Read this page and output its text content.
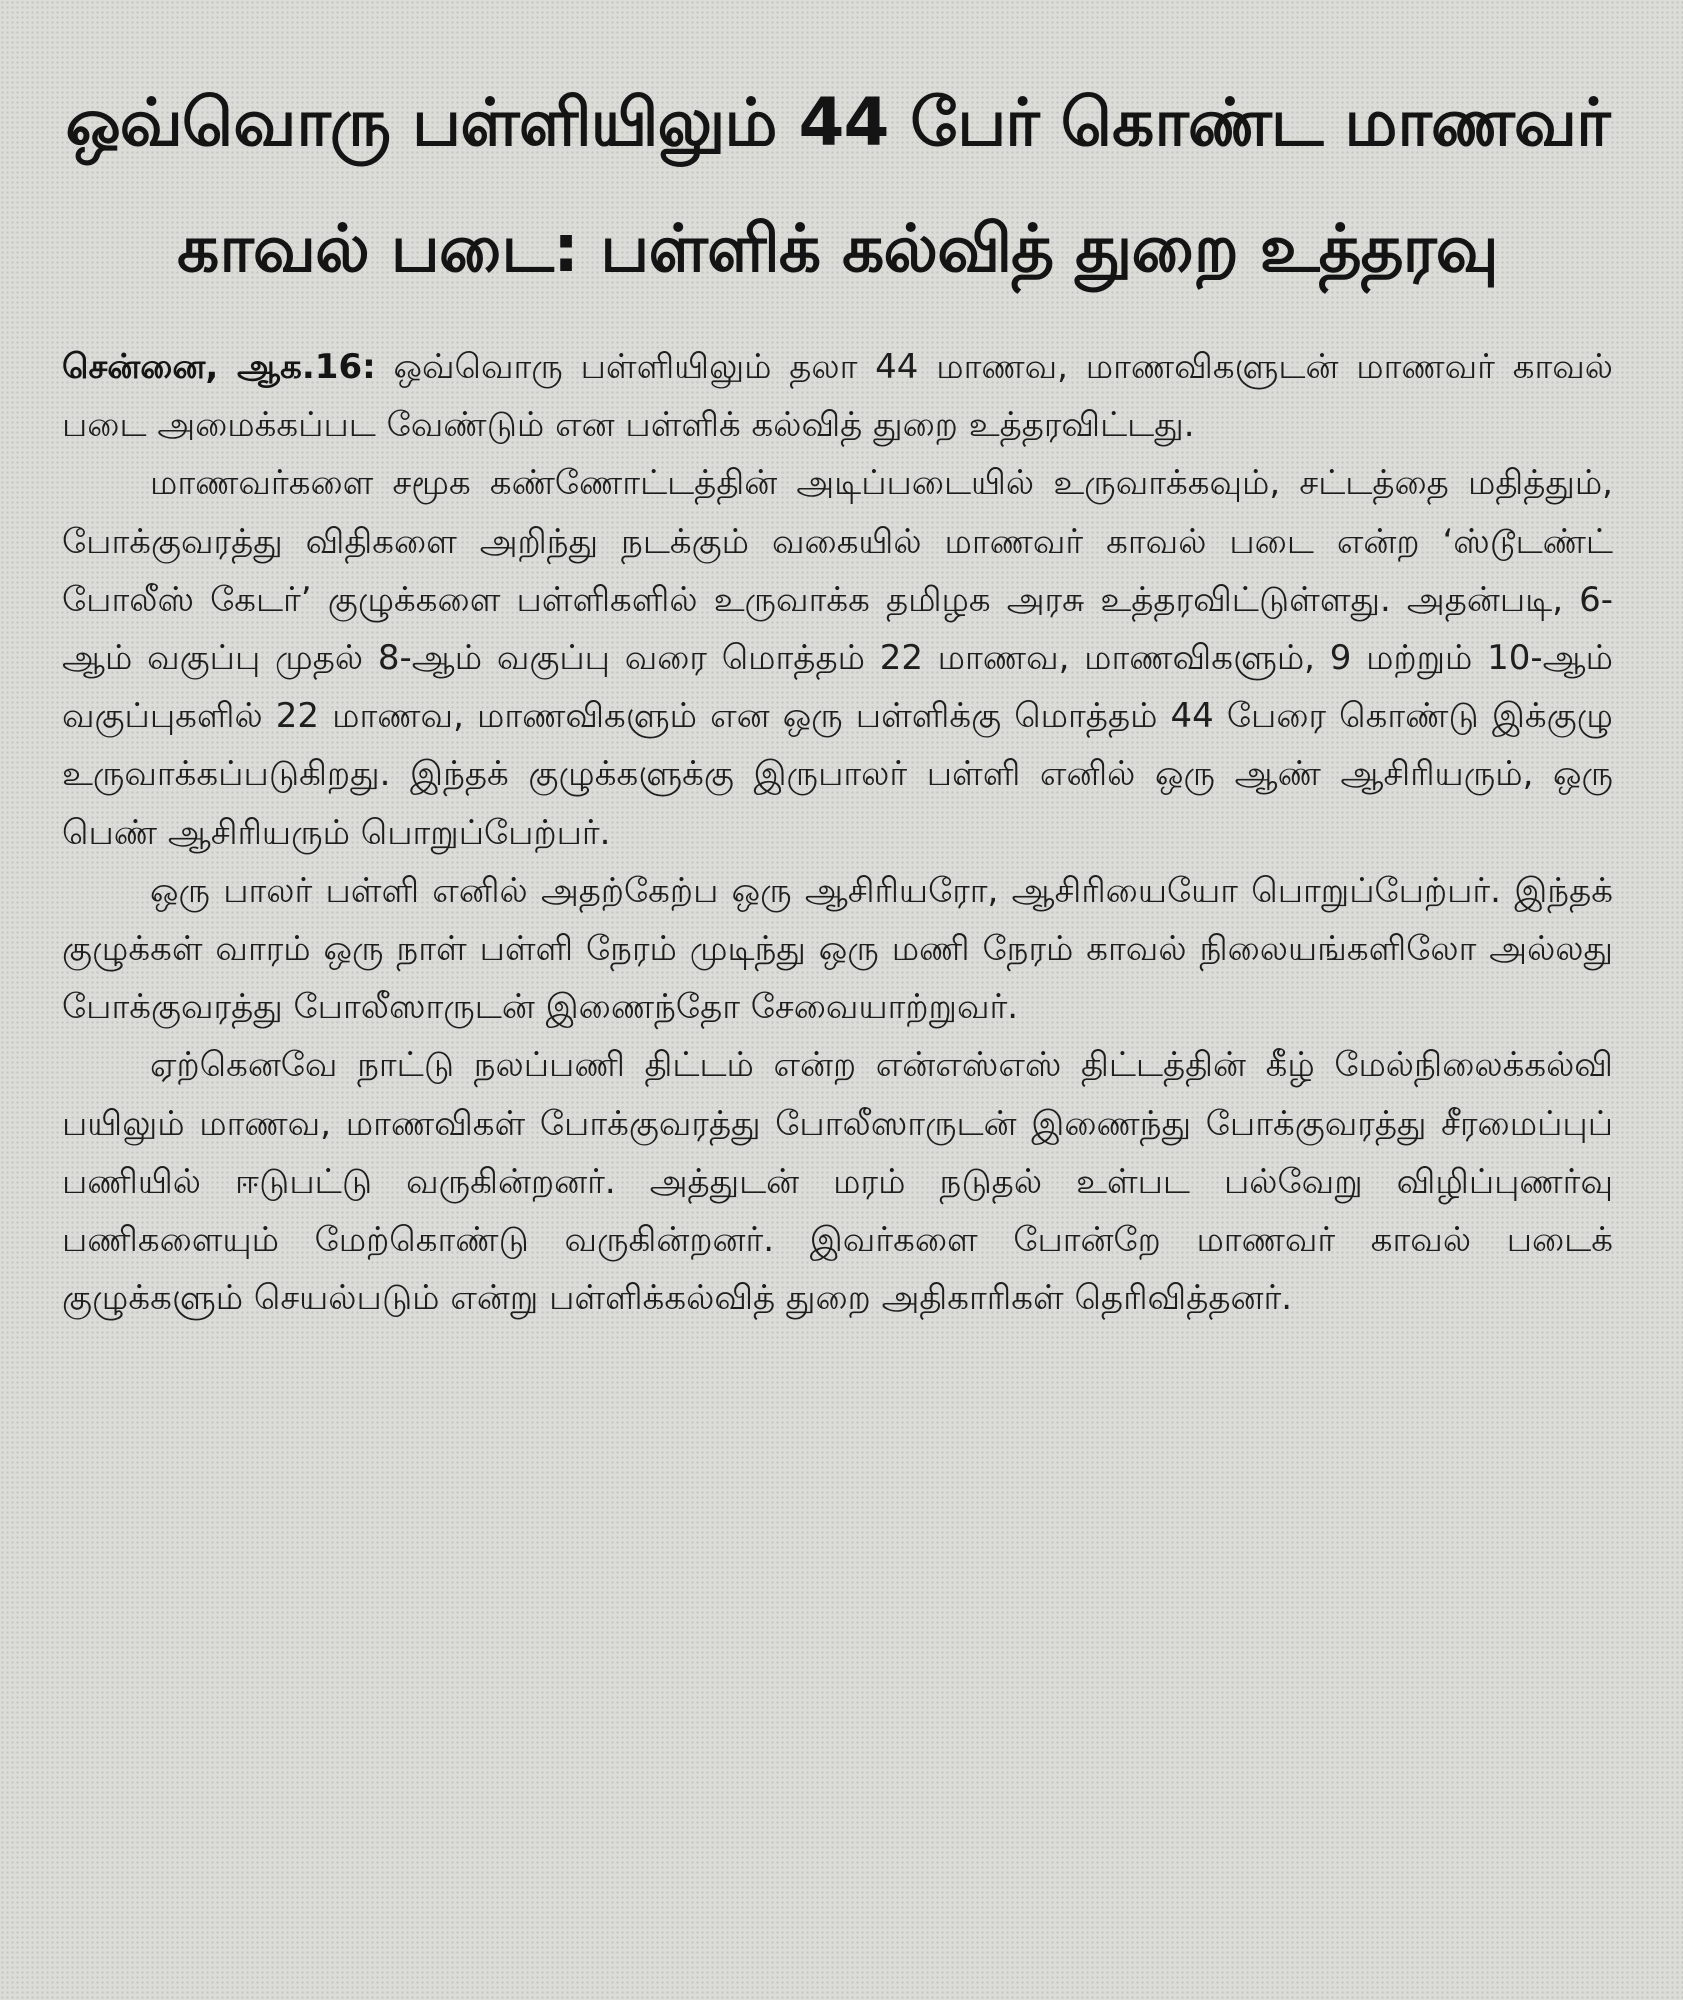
ஒவ்வொரு பள்ளியிலும் 44 பேர் கொண்ட மாணவர்
காவல் படை: பள்ளிக் கல்வித் துறை உத்தரவு

சென்னை, ஆக.16: ஒவ்வொரு பள்ளியிலும் தலா 44 மாணவ, மாணவிகளுடன் மாணவர் காவல் படை அமைக்கப்பட வேண்டும் என பள்ளிக் கல்வித் துறை உத்தரவிட்டது.

மாணவர்களை சமூக கண்ணோட்டத்தின் அடிப்படையில் உருவாக்கவும், சட்டத்தை மதித்தும், போக்குவரத்து விதிகளை அறிந்து நடக்கும் வகையில் மாணவர் காவல் படை என்ற ‘ஸ்டூடண்ட் போலீஸ் கேடர்’ குழுக்களை பள்ளிகளில் உருவாக்க தமிழக அரசு உத்தரவிட்டுள்ளது. அதன்படி, 6-ஆம் வகுப்பு முதல் 8-ஆம் வகுப்பு வரை மொத்தம் 22 மாணவ, மாணவிகளும், 9 மற்றும் 10-ஆம் வகுப்புகளில் 22 மாணவ, மாணவிகளும் என ஒரு பள்ளிக்கு மொத்தம் 44 பேரை கொண்டு இக்குழு உருவாக்கப்படுகிறது. இந்தக் குழுக்களுக்கு இருபாலர் பள்ளி எனில் ஒரு ஆண் ஆசிரியரும், ஒரு பெண் ஆசிரியரும் பொறுப்பேற்பர்.

ஒரு பாலர் பள்ளி எனில் அதற்கேற்ப ஒரு ஆசிரியரோ, ஆசிரியையோ பொறுப்பேற்பர். இந்தக் குழுக்கள் வாரம் ஒரு நாள் பள்ளி நேரம் முடிந்து ஒரு மணி நேரம் காவல் நிலையங்களிலோ அல்லது போக்குவரத்து போலீஸாருடன் இணைந்தோ சேவையாற்றுவர்.

ஏற்கெனவே நாட்டு நலப்பணி திட்டம் என்ற என்எஸ்எஸ் திட்டத்தின் கீழ் மேல்நிலைக்கல்வி பயிலும் மாணவ, மாணவிகள் போக்குவரத்து போலீஸாருடன் இணைந்து போக்குவரத்து சீரமைப்புப் பணியில் ஈடுபட்டு வருகின்றனர். அத்துடன் மரம் நடுதல் உள்பட பல்வேறு விழிப்புணர்வு பணிகளையும் மேற்கொண்டு வருகின்றனர். இவர்களை போன்றே மாணவர் காவல் படைக் குழுக்களும் செயல்படும் என்று பள்ளிக்கல்வித் துறை அதிகாரிகள் தெரிவித்தனர்.
